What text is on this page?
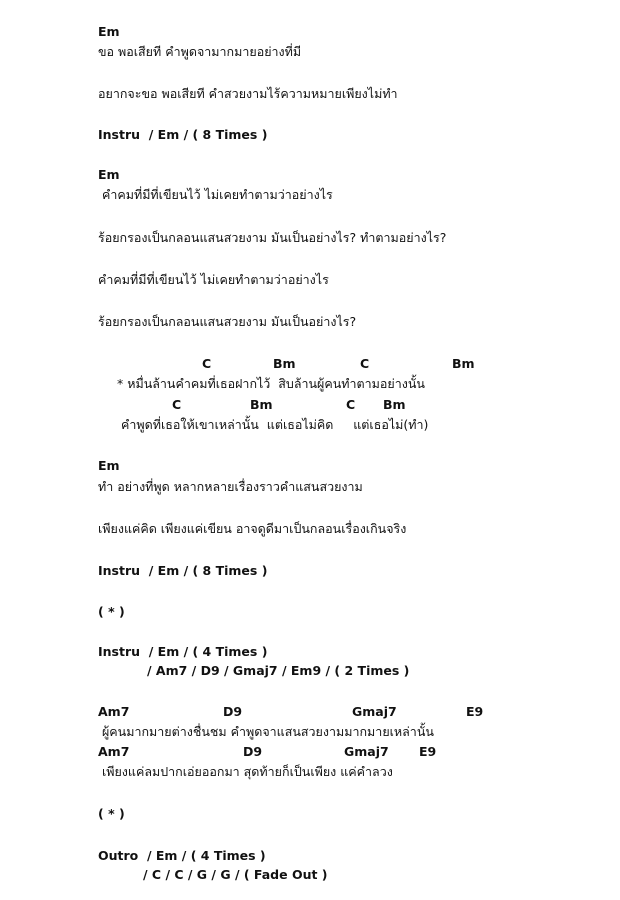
Em
ขอ พอเสียที คำพูดจามากมายอย่างที่มี
อยากจะขอ พอเสียที คำสวยงามไร้ความหมายเพียงไม่ทำ
Instru  / Em / ( 8 Times )
Em
คำคมที่มีที่เขียนไว้ ไม่เคยทำตามว่าอย่างไร
ร้อยกรองเป็นกลอนแสนสวยงาม มันเป็นอย่างไร? ทำตามอย่างไร?
คำคมที่มีที่เขียนไว้ ไม่เคยทำตามว่าอย่างไร
ร้อยกรองเป็นกลอนแสนสวยงาม มันเป็นอย่างไร?
C	Bm	C	Bm
* หมื่นล้านคำคมที่เธอฝากไว้  สิบล้านผู้คนทำตามอย่างนั้น
C	Bm	C Bm
คำพูดที่เธอให้เขาเหล่านั้น  แต่เธอไม่คิด     แต่เธอไม่(ทำ)
Em
ทำ อย่างที่พูด หลากหลายเรื่องราวคำแสนสวยงาม
เพียงแค่คิด เพียงแค่เขียน อาจดูดีมาเป็นกลอนเรื่องเกินจริง
Instru  / Em / ( 8 Times )
( * )
Instru  / Em / ( 4 Times )
/ Am7 / D9 / Gmaj7 / Em9 / ( 2 Times )
Am7	D9	Gmaj7	E9
ผู้คนมากมายต่างชื่นชม คำพูดจาแสนสวยงามมากมายเหล่านั้น
Am7	D9	Gmaj7 E9
เพียงแค่ลมปากเอ่ยออกมา สุดท้ายก็เป็นเพียง แค่คำลวง
( * )
Outro  / Em / ( 4 Times )
/ C / C / G / G / ( Fade Out )
